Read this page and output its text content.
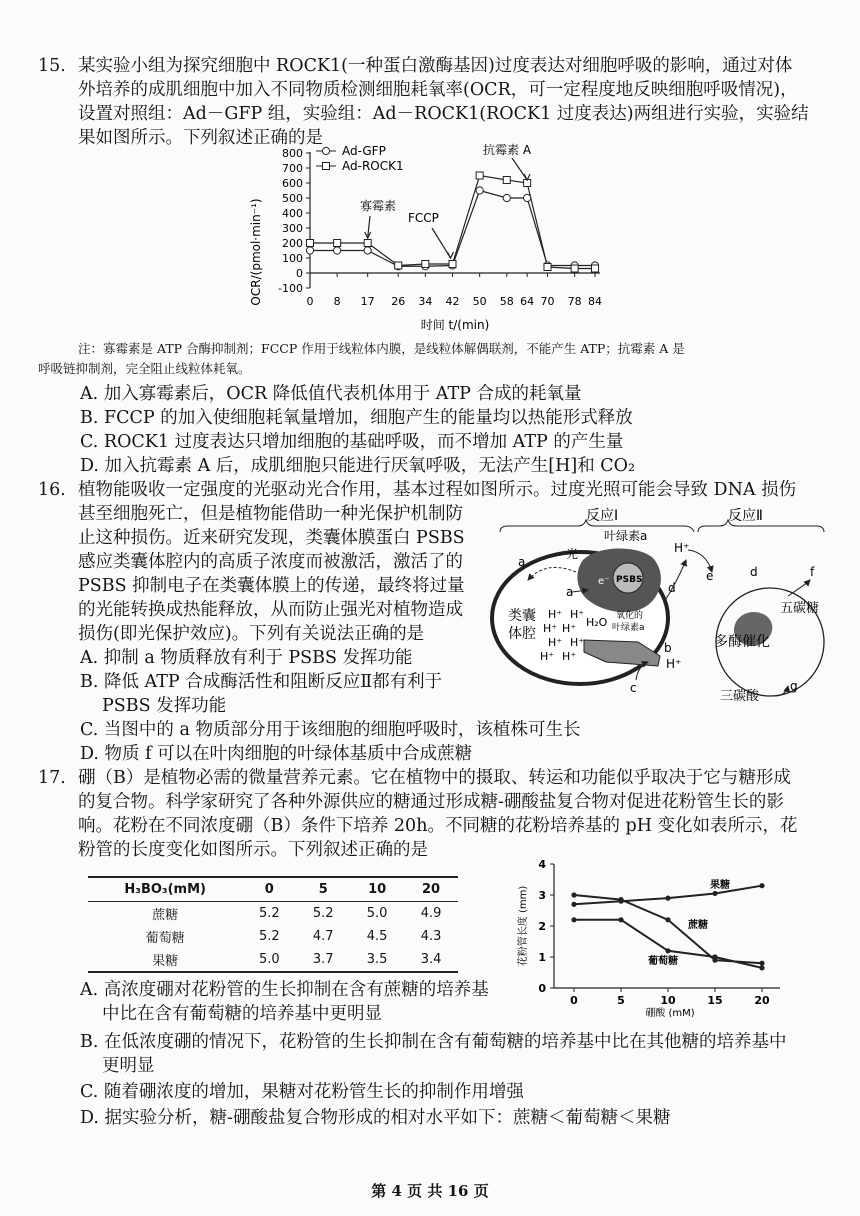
15. 某实验小组为探究细胞中 ROCK1(一种蛋白激酶基因)过度表达对细胞呼吸的影响，通过对体
外培养的成肌细胞中加入不同物质检测细胞耗氧率(OCR，可一定程度地反映细胞呼吸情况)，
设置对照组：Ad－GFP 组，实验组：Ad－ROCK1(ROCK1 过度表达)两组进行实验，实验结
果如图所示。下列叙述正确的是
OCR/(pmol·min⁻¹)
800
700
600
500
400
300
200
100
0
-100
0 8 17 26 34 42 50 58 64 70 78 84
Ad-GFP
Ad-ROCK1
寡霉素
FCCP
抗霉素 A
时间 t/(min)
注：寡霉素是 ATP 合酶抑制剂；FCCP 作用于线粒体内膜，是线粒体解偶联剂，不能产生 ATP；抗霉素 A 是
呼吸链抑制剂，完全阻止线粒体耗氧。
A. 加入寡霉素后，OCR 降低值代表机体用于 ATP 合成的耗氧量
B. FCCP 的加入使细胞耗氧量增加，细胞产生的能量均以热能形式释放
C. ROCK1 过度表达只增加细胞的基础呼吸，而不增加 ATP 的产生量
D. 加入抗霉素 A 后，成肌细胞只能进行厌氧呼吸，无法产生[H]和 CO₂
16. 植物能吸收一定强度的光驱动光合作用，基本过程如图所示。过度光照可能会导致 DNA 损伤
甚至细胞死亡，但是植物能借助一种光保护机制防
止这种损伤。近来研究发现，类囊体膜蛋白 PSBS
感应类囊体腔内的高质子浓度而被激活，激活了的
PSBS 抑制电子在类囊体膜上的传递，最终将过量
的光能转换成热能释放，从而防止强光对植物造成
损伤(即光保护效应)。下列有关说法正确的是
A. 抑制 a 物质释放有利于 PSBS 发挥功能
B. 降低 ATP 合成酶活性和阻断反应Ⅱ都有利于
PSBS 发挥功能
C. 当图中的 a 物质部分用于该细胞的细胞呼吸时，该植株可生长
D. 物质 f 可以在叶肉细胞的叶绿体基质中合成蔗糖
反应Ⅰ	反应Ⅱ
PSBS
e⁻
光
叶绿素a
a
a
氧化的
叶绿素a
H₂O
类囊
体腔
H⁺ H⁺
H⁺ H⁺
H⁺ H⁺
H⁺ H⁺
b
H⁺
c
d
H⁺
e	d	f
五碳糖
多酶催化
三碳酸
g
17. 硼（B）是植物必需的微量营养元素。它在植物中的摄取、转运和功能似乎取决于它与糖形成
的复合物。科学家研究了各种外源供应的糖通过形成糖-硼酸盐复合物对促进花粉管生长的影
响。花粉在不同浓度硼（B）条件下培养 20h。不同糖的花粉培养基的 pH 变化如表所示，花
粉管的长度变化如图所示。下列叙述正确的是
H₃BO₃(mM)	0	5	10	20
蔗糖	5.2	5.2	5.0	4.9
葡萄糖	5.2	4.7	4.5	4.3
果糖	5.0	3.7	3.5	3.4	花粉管长度 (mm)
0
1
2
3
4
0	5	10	15	20
果糖
蔗糖
葡萄糖
硼酸 (mM)
A. 高浓度硼对花粉管的生长抑制在含有蔗糖的培养基
中比在含有葡萄糖的培养基中更明显
B. 在低浓度硼的情况下，花粉管的生长抑制在含有葡萄糖的培养基中比在其他糖的培养基中
更明显
C. 随着硼浓度的增加，果糖对花粉管生长的抑制作用增强
D. 据实验分析，糖-硼酸盐复合物形成的相对水平如下：蔗糖＜葡萄糖＜果糖
第 4 页 共 16 页
